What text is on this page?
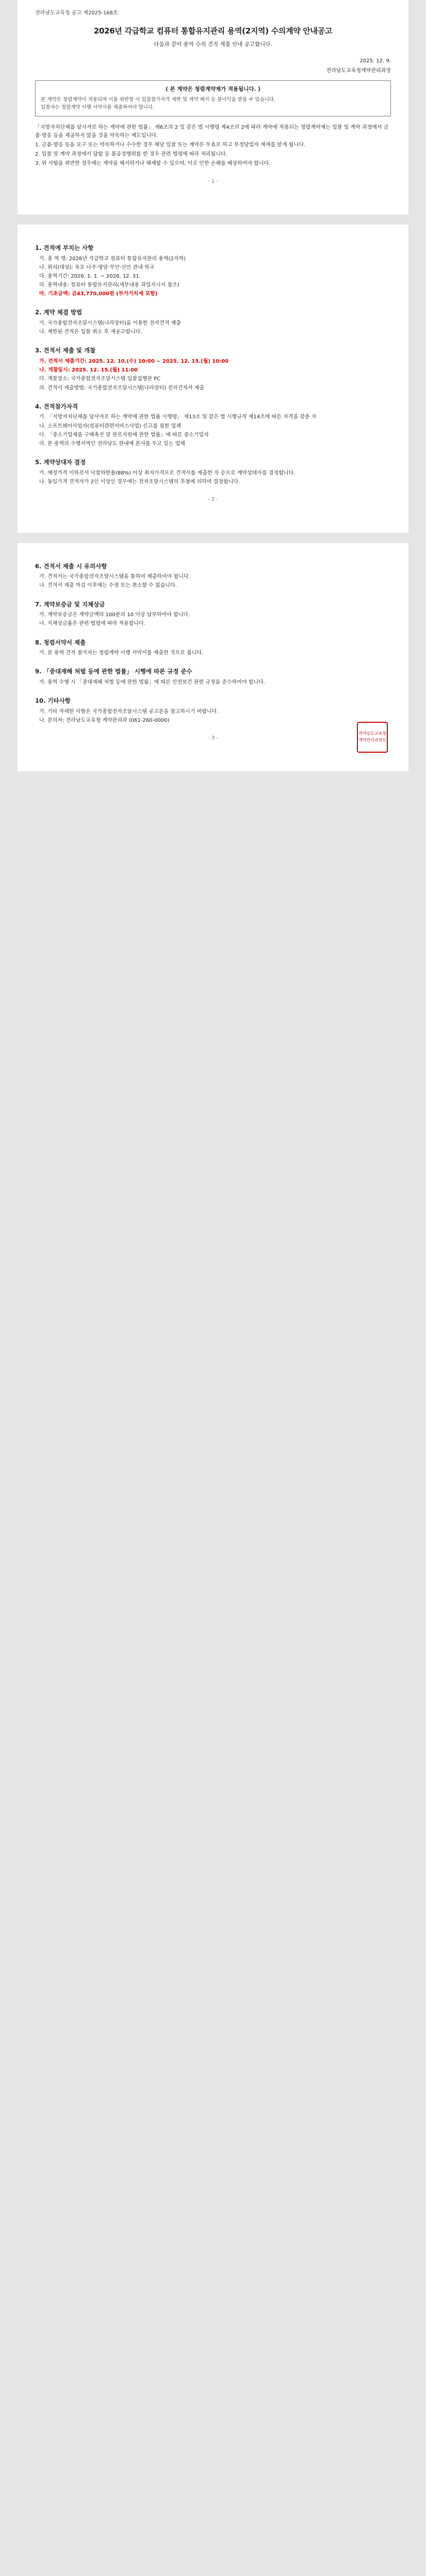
전라남도교육청 공고 제2025-168호
2026년 각급학교 컴퓨터 통합유지관리 용역(2지역) 수의계약 안내공고
다음과 같이 용역 수의 견적 제출 안내 공고합니다.
2025. 12. 9.
전라남도교육청계약관리과장
( 본 계약은 청렴계약제가 적용됩니다. )
본 계약은 청렴계약이 적용되며 이를 위반할 시 입찰참가자격 제한 및 계약 해지 등 불이익을 받을 수 있습니다.
입찰자는 청렴계약 이행 서약서를 제출하여야 합니다.
「지방자치단체를 당사자로 하는 계약에 관한 법률」 제6조의 2 및 같은 법 시행령 제4조의 2에 따라 계약에 적용되는 청렴계약제는 입찰 및 계약 과정에서 금품·향응 등을 제공하지 않을 것을 약속하는 제도입니다.
1. 금품·향응 등을 요구 또는 약속하거나 수수한 경우 해당 입찰 또는 계약은 무효로 하고 부정당업자 제재를 받게 됩니다.
2. 입찰 및 계약 과정에서 담합 등 불공정행위를 한 경우 관련 법령에 따라 처리됩니다.
3. 위 사항을 위반한 경우에는 계약을 해지하거나 해제할 수 있으며, 이로 인한 손해를 배상하여야 합니다.
- 1 -
1. 견적에 부치는 사항
가. 용 역 명: 2026년 각급학교 컴퓨터 통합유지관리 용역(2지역)
나. 위치(대상): 목포·나주·영암·무안·신안 관내 학교
다. 용역기간: 2026. 1. 1. ~ 2026. 12. 31.
라. 용역내용: 컴퓨터 통합유지관리(세부내용 과업지시서 참조)
마. 기초금액: 금43,770,000원 (부가가치세 포함)
2. 계약 체결 방법
가. 국가종합전자조달시스템(나라장터)을 이용한 전자견적 제출
나. 제한된 견적은 입찰 취소 후 재공고합니다.
3. 견적서 제출 및 개찰
가. 견적서 제출기간: 2025. 12. 10.(수) 10:00 ~ 2025. 12. 15.(월) 10:00
나. 개찰일시: 2025. 12. 15.(월) 11:00
다. 개찰장소: 국가종합전자조달시스템 입찰집행관 PC
라. 견적서 제출방법: 국가종합전자조달시스템(나라장터) 전자견적서 제출
4. 견적참가자격
가. 「지방자치단체를 당사자로 하는 계약에 관한 법률 시행령」 제13조 및 같은 법 시행규칙 제14조에 따른 자격을 갖춘 자
나. 소프트웨어사업자(컴퓨터관련서비스사업) 신고를 필한 업체
다. 「중소기업제품 구매촉진 및 판로지원에 관한 법률」에 따른 중소기업자
라. 본 용역의 수행지역인 전라남도 관내에 본사를 두고 있는 업체
5. 계약상대자 결정
가. 예정가격 이하로서 낙찰하한율(88%) 이상 최저가격으로 견적서를 제출한 자 순으로 계약상대자를 결정합니다.
나. 동일가격 견적자가 2인 이상인 경우에는 전자조달시스템의 추첨에 의하여 결정합니다.
- 2 -
6. 견적서 제출 시 유의사항
가. 견적서는 국가종합전자조달시스템을 통하여 제출하여야 합니다.
나. 견적서 제출 마감 이후에는 수정 또는 취소할 수 없습니다.
7. 계약보증금 및 지체상금
가. 계약보증금은 계약금액의 100분의 10 이상 납부하여야 합니다.
나. 지체상금률은 관련 법령에 따라 적용합니다.
8. 청렴서약서 제출
가. 본 용역 견적 참가자는 청렴계약 이행 서약서를 제출한 것으로 봅니다.
9. 「중대재해 처벌 등에 관한 법률」 시행에 따른 규정 준수
가. 용역 수행 시 「중대재해 처벌 등에 관한 법률」에 따른 안전보건 관련 규정을 준수하여야 합니다.
10. 기타사항
가. 기타 자세한 사항은 국가종합전자조달시스템 공고문을 참고하시기 바랍니다.
나. 문의처: 전라남도교육청 계약관리과 (061-260-0000)
- 3 -
전라남도교육청계약관리과장인
